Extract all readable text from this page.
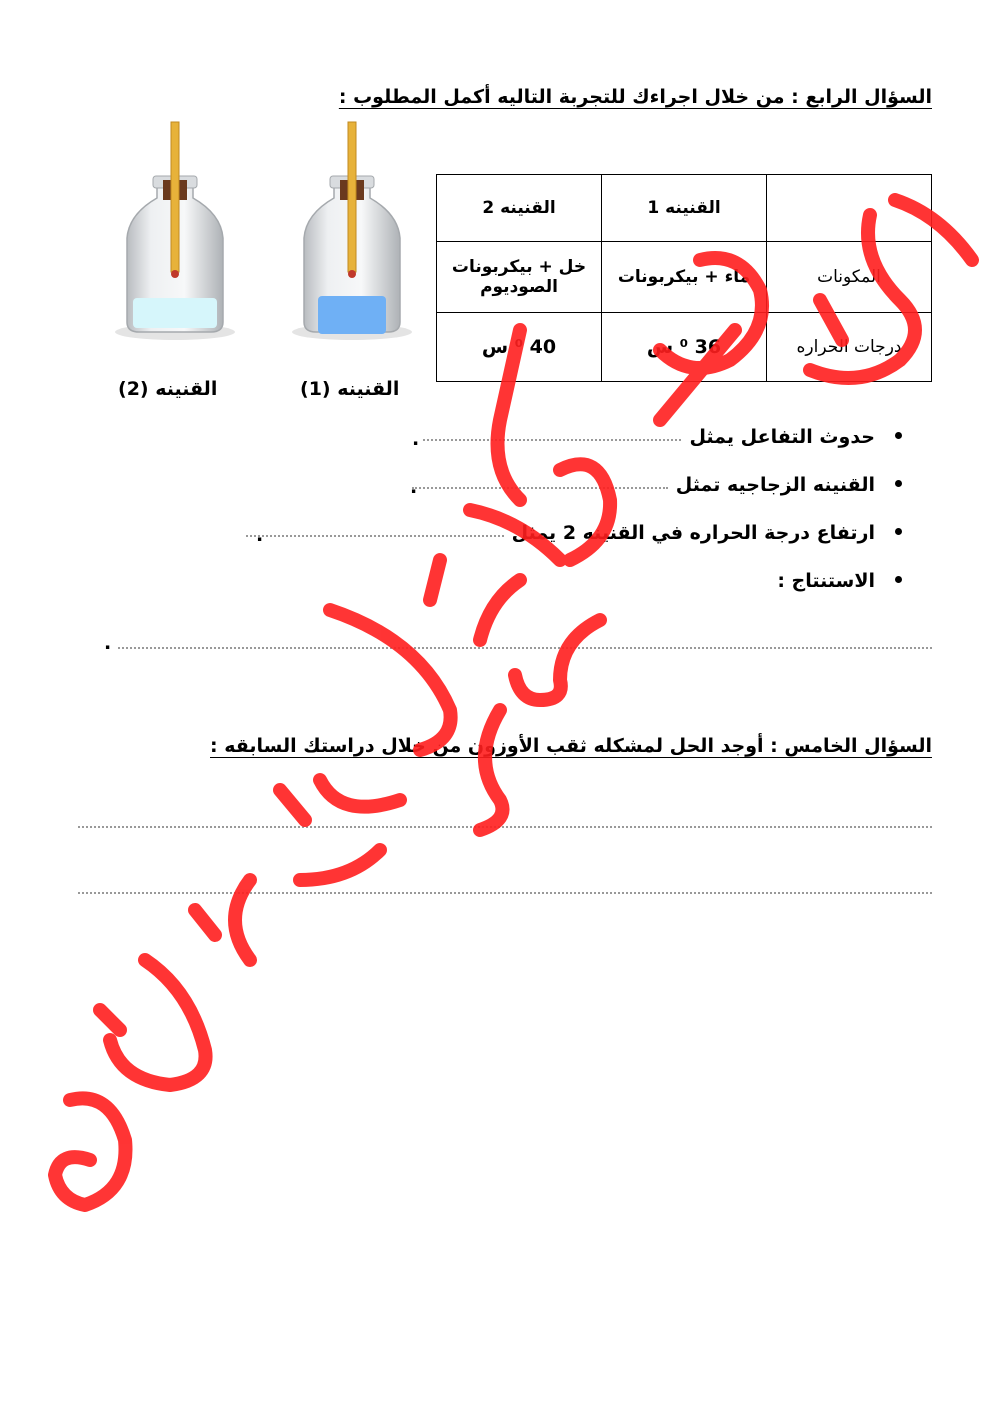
السؤال الرابع : من خلال اجراءك للتجربة التاليه أكمل المطلوب :
	القنينه 1	القنينه 2
المكونات	ماء + بيكربونات	خل + بيكربونات الصوديوم
درجات الحراره	36 ⁰ س	40 ⁰ س
القنينه (2)	القنينه (1)
حدوث التفاعل يمثل
.
القنينه الزجاجيه تمثل
.
ارتفاع درجة الحراره في القنينه 2 يمثل
.
الاستنتاج :
.
السؤال الخامس : أوجد الحل لمشكله ثقب الأوزون من خلال دراستك السابقه :
